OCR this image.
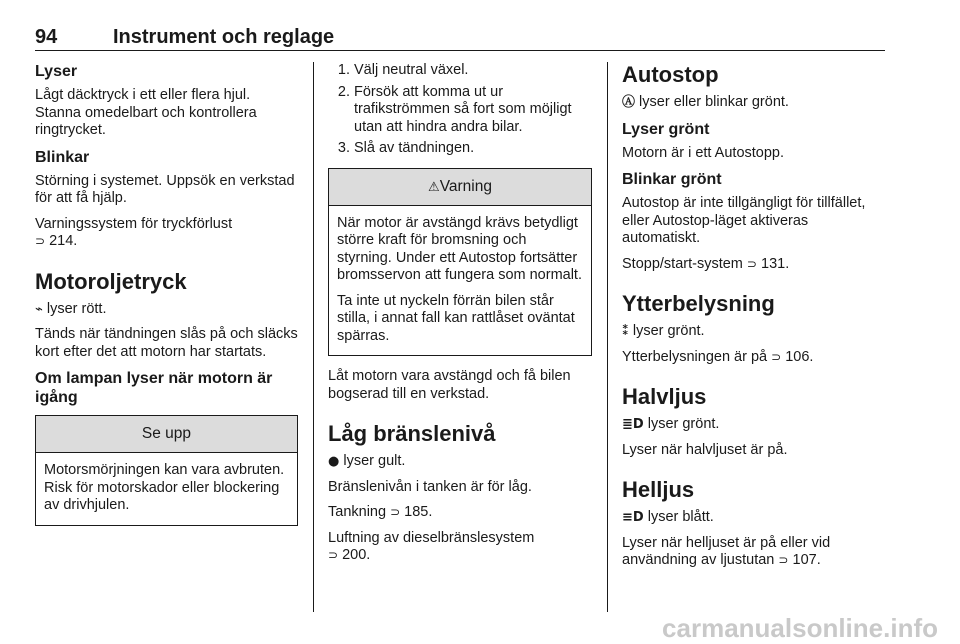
94	Instrument och reglage
Lyser
Lågt däcktryck i ett eller flera hjul. Stanna omedelbart och kontrollera ringtrycket.
Blinkar
Störning i systemet. Uppsök en verkstad för att få hjälp.
Varningssystem för tryckförlust
⊃ 214.
Motoroljetryck
⌁ lyser rött.
Tänds när tändningen slås på och släcks kort efter det att motorn har startats.
Om lampan lyser när motorn är igång
Se upp
Motorsmörjningen kan vara avbruten. Risk för motorskador eller blockering av drivhjulen.
1. Välj neutral växel.
2. Försök att komma ut ur trafikströmmen så fort som möjligt utan att hindra andra bilar.
3. Slå av tändningen.
⚠Varning
När motor är avstängd krävs betydligt större kraft för bromsning och styrning. Under ett Autostop fortsätter bromsservon att fungera som normalt.
Ta inte ut nyckeln förrän bilen står stilla, i annat fall kan rattlåset oväntat spärras.
Låt motorn vara avstängd och få bilen bogserad till en verkstad.
Låg bränslenivå
● lyser gult.
Bränslenivån i tanken är för låg.
Tankning ⊃ 185.
Luftning av dieselbränslesystem
⊃ 200.
Autostop
Ⓐ lyser eller blinkar grönt.
Lyser grönt
Motorn är i ett Autostopp.
Blinkar grönt
Autostop är inte tillgängligt för tillfället, eller Autostop-läget aktiveras automatiskt.
Stopp/start-system ⊃ 131.
Ytterbelysning
⁑ lyser grönt.
Ytterbelysningen är på ⊃ 106.
Halvljus
≣D lyser grönt.
Lyser när halvljuset är på.
Helljus
≡D lyser blått.
Lyser när helljuset är på eller vid användning av ljustutan ⊃ 107.
carmanualsonline.info
